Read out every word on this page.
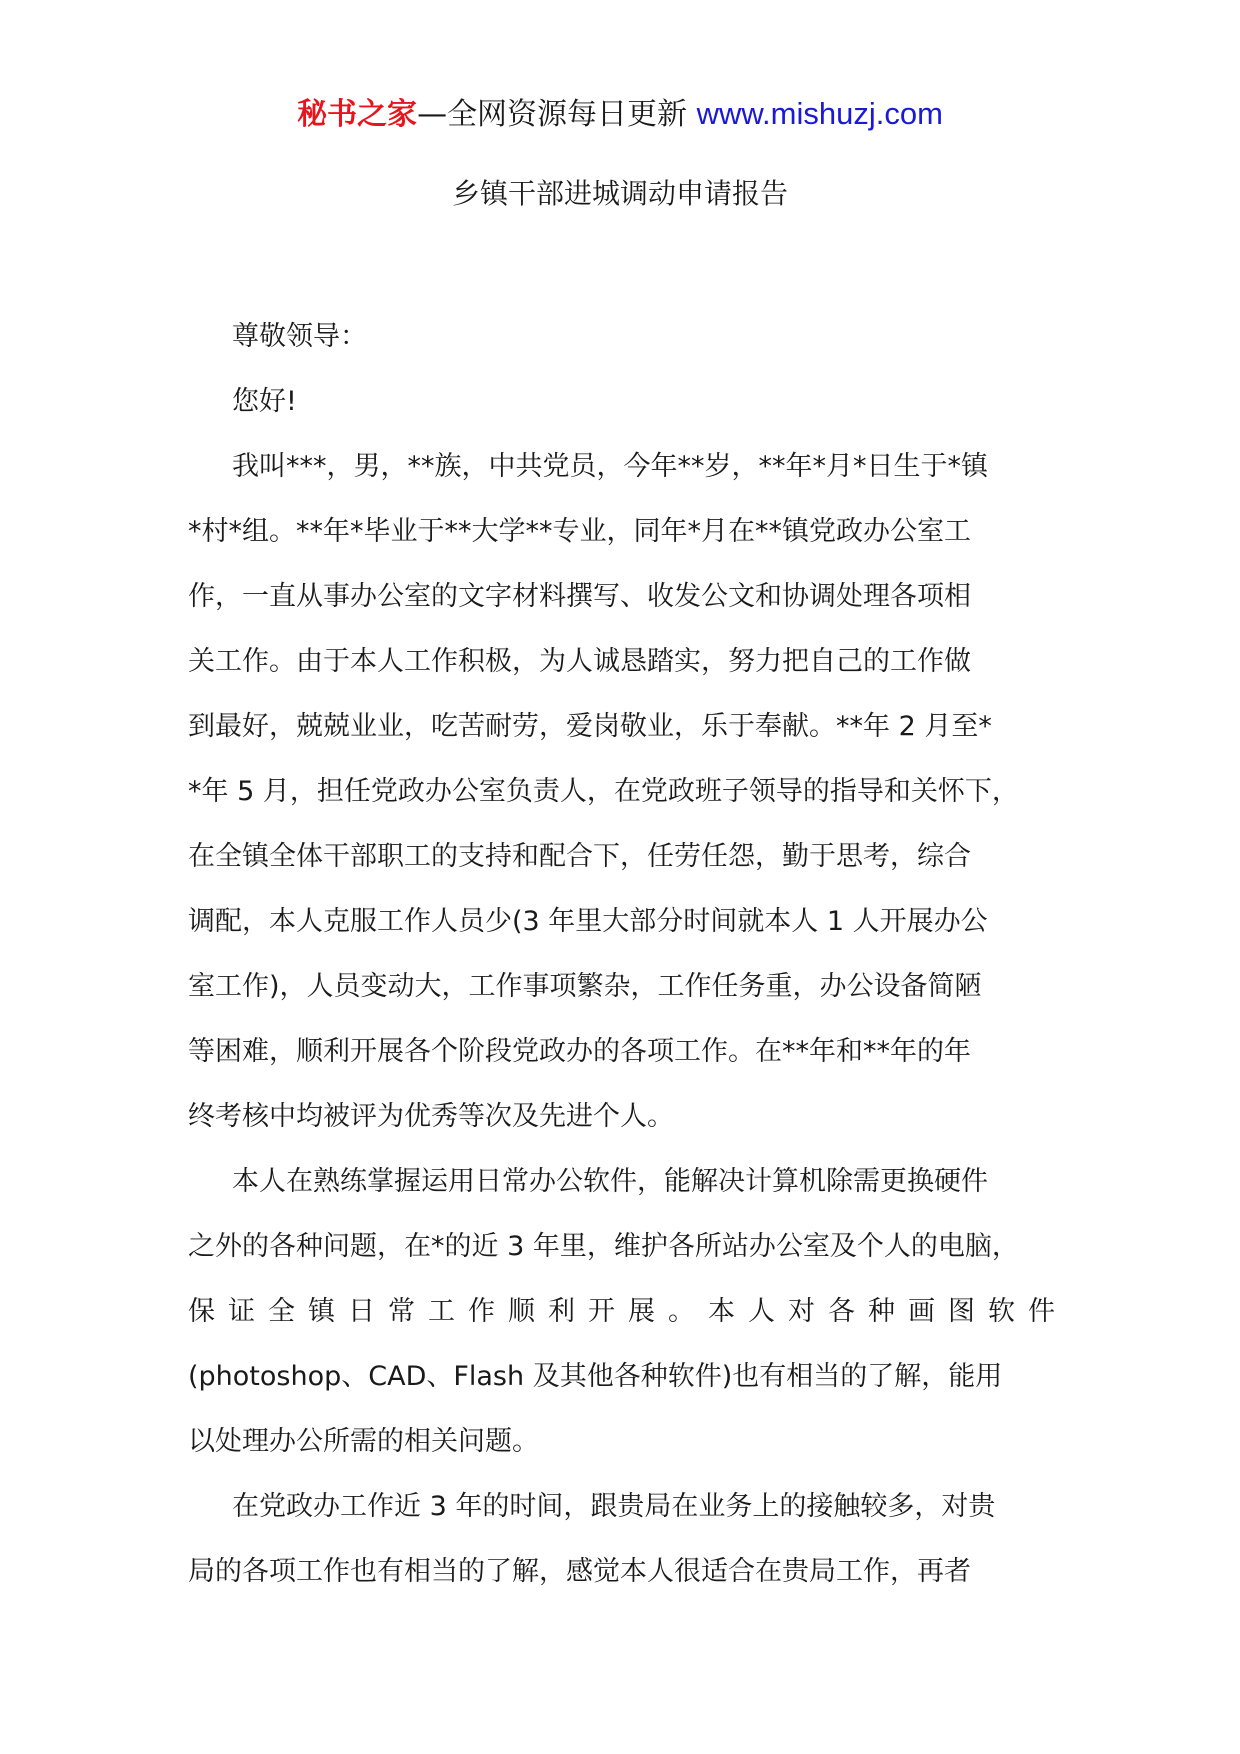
秘书之家—全网资源每日更新 www.mishuzj.com
乡镇干部进城调动申请报告
尊敬领导：
您好!
我叫***，男，**族，中共党员，今年**岁，**年*月*日生于*镇
*村*组。**年*毕业于**大学**专业，同年*月在**镇党政办公室工
作，一直从事办公室的文字材料撰写、收发公文和协调处理各项相
关工作。由于本人工作积极，为人诚恳踏实，努力把自己的工作做
到最好，兢兢业业，吃苦耐劳，爱岗敬业，乐于奉献。**年 2 月至*
*年 5 月，担任党政办公室负责人，在党政班子领导的指导和关怀下，
在全镇全体干部职工的支持和配合下，任劳任怨，勤于思考，综合
调配，本人克服工作人员少(3 年里大部分时间就本人 1 人开展办公
室工作)，人员变动大，工作事项繁杂，工作任务重，办公设备简陋
等困难，顺利开展各个阶段党政办的各项工作。在**年和**年的年
终考核中均被评为优秀等次及先进个人。
本人在熟练掌握运用日常办公软件，能解决计算机除需更换硬件
之外的各种问题，在*的近 3 年里，维护各所站办公室及个人的电脑，
保证全镇日常工作顺利开展。本人对各种画图软件
(photoshop、CAD、Flash 及其他各种软件)也有相当的了解，能用
以处理办公所需的相关问题。
在党政办工作近 3 年的时间，跟贵局在业务上的接触较多，对贵
局的各项工作也有相当的了解，感觉本人很适合在贵局工作，再者
